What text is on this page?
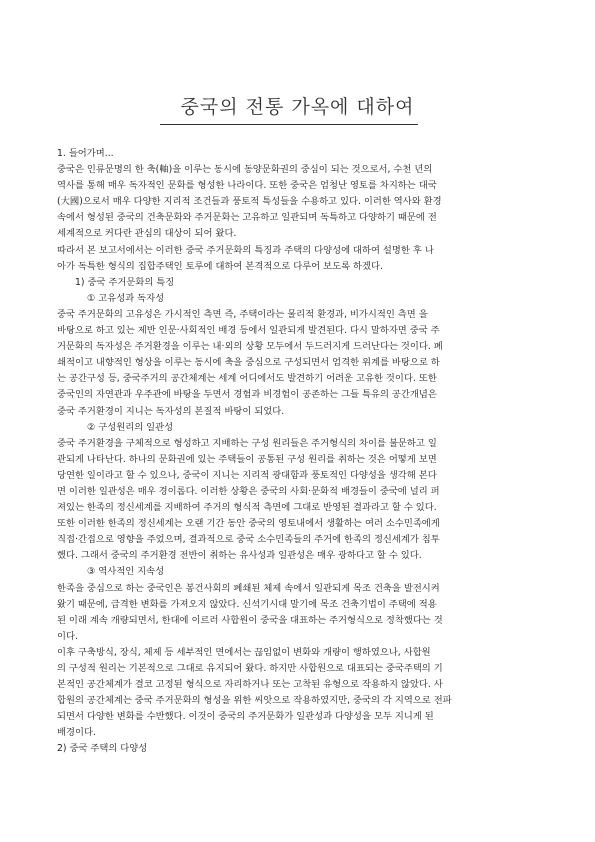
중국의 전통 가옥에 대하여
1. 들어가며...
중국은 인류문명의 한 축(軸)을 이루는 동시에 동양문화권의 중심이 되는 것으로서, 수천 년의
역사를 통해 매우 독자적인 문화를 형성한 나라이다. 또한 중국은 엄청난 영토를 차지하는 대국
(大國)으로서 매우 다양한 지리적 조건들과 풍토적 특성들을 수용하고 있다. 이러한 역사와 환경
속에서 형성된 중국의 건축문화와 주거문화는 고유하고 일관되며 독특하고 다양하기 때문에 전
세계적으로 커다란 관심의 대상이 되어 왔다.
따라서 본 보고서에서는 이러한 중국 주거문화의 특징과 주택의 다양성에 대하여 설명한 후 나
아가 독특한 형식의 집합주택인 토루에 대하여 본격적으로 다루어 보도록 하겠다.
1) 중국 주거문화의 특징
① 고유성과 독자성
중국 주거문화의 고유성은 가시적인 측면 즉, 주택이라는 물리적 환경과, 비가시적인 측면 을
바탕으로 하고 있는 제반 인문·사회적인 배경 등에서 일관되게 발견된다. 다시 말하자면 중국 주
거문화의 독자성은 주거환경을 이루는 내·외의 상황 모두에서 두드러지게 드러난다는 것이다. 폐
쇄적이고 내향적인 형상을 이루는 동시에 축을 중심으로 구성되면서 엄격한 위계를 바탕으로 하
는 공간구성 등, 중국주거의 공간체계는 세계 어디에서도 발견하기 어려운 고유한 것이다. 또한
중국인의 자연관과 우주관에 바탕을 두면서 경험과 비경험이 공존하는 그들 특유의 공간개념은
중국 주거환경이 지니는 독자성의 본질적 바탕이 되었다.
② 구성원리의 일관성
중국 주거환경을 구체적으로 형성하고 지배하는 구성 원리들은 주거형식의 차이를 불문하고 일
관되게 나타난다. 하나의 문화권에 있는 주택들이 공통된 구성 원리를 취하는 것은 어떻게 보면
당연한 일이라고 할 수 있으나, 중국이 지니는 지리적 광대함과 풍토적인 다양성을 생각해 본다
면 이러한 일관성은 매우 경이롭다. 이러한 상황은 중국의 사회·문화적 배경들이 중국에 널리 퍼
져있는 한족의 정신세계를 지배하여 주거의 형식적 측면에 그대로 반영된 결과라고 할 수 있다.
또한 이러한 한족의 정신세계는 오랜 기간 동안 중국의 영토내에서 생활하는 여러 소수민족에게
직접·간접으로 영향을 주었으며, 결과적으로 중국 소수민족들의 주거에 한족의 정신세계가 침투
했다. 그래서 중국의 주거환경 전반이 취하는 유사성과 일관성은 매우 광하다고 할 수 있다.
③ 역사적인 지속성
한족을 중심으로 하는 중국인은 봉건사회의 폐쇄된 체제 속에서 일관되게 목조 건축을 발전시켜
왔기 때문에, 급격한 변화를 가져오지 않았다. 신석기시대 말기에 목조 건축기법이 주택에 적용
된 이래 계속 개량되면서, 한대에 이르러 사합원이 중국을 대표하는 주거형식으로 정착했다는 것
이다.
이후 구축방식, 장식, 체제 등 세부적인 면에서는 끊임없이 변화와 개량이 행하였으나, 사합원
의 구성적 원리는 기본적으로 그대로 유지되어 왔다. 하지만 사합원으로 대표되는 중국주택의 기
본적인 공간체계가 결코 고정된 형식으로 자리하거나 또는 고착된 유형으로 작용하지 않았다. 사
합원의 공간체계는 중국 주거문화의 형성을 위한 씨앗으로 작용하였지만, 중국의 각 지역으로 전파
되면서 다양한 변화를 수반했다. 이것이 중국의 주거문화가 일관성과 다양성을 모두 지니게 된
배경이다.
2) 중국 주택의 다양성
